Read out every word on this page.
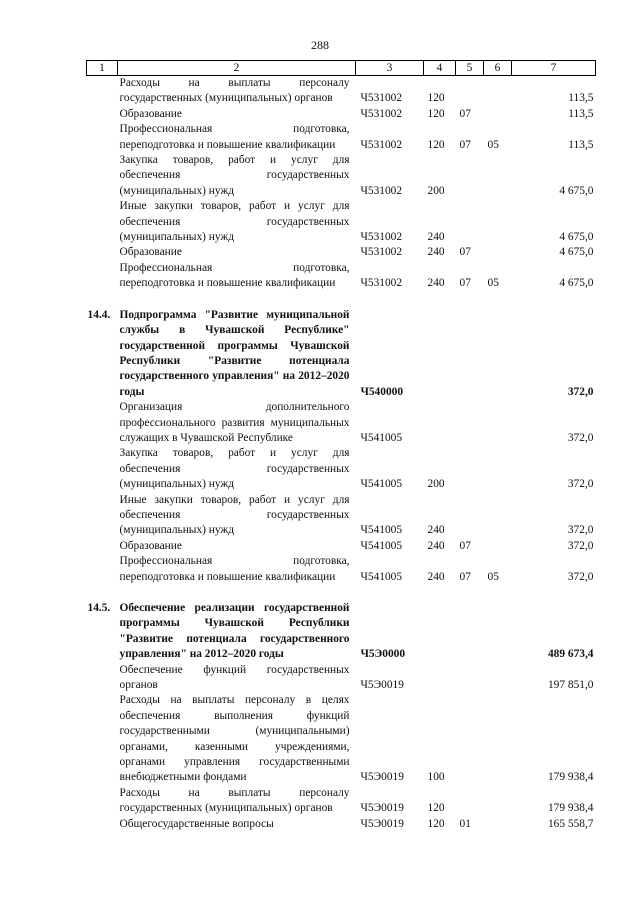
288
1	2	3	4	5	6	7
	Расходы на выплаты персоналу государственных (муниципальных) органов	Ч531002	120			113,5
	Образование	Ч531002	120	07		113,5
	Профессиональная подготовка, переподготовка и повышение квалификации	Ч531002	120	07	05	113,5
	Закупка товаров, работ и услуг для обеспечения государственных (муниципальных) нужд	Ч531002	200			4 675,0
	Иные закупки товаров, работ и услуг для обеспечения государственных (муниципальных) нужд	Ч531002	240			4 675,0
	Образование	Ч531002	240	07		4 675,0
	Профессиональная подготовка, переподготовка и повышение квалификации	Ч531002	240	07	05	4 675,0

14.4.	Подпрограмма "Развитие муниципальной службы в Чувашской Республике" государственной программы Чувашской Республики "Развитие потенциала государственного управления" на 2012–2020 годы	Ч540000				372,0
	Организация дополнительного профессионального развития муниципальных служащих в Чувашской Республике	Ч541005				372,0
	Закупка товаров, работ и услуг для обеспечения государственных (муниципальных) нужд	Ч541005	200			372,0
	Иные закупки товаров, работ и услуг для обеспечения государственных (муниципальных) нужд	Ч541005	240			372,0
	Образование	Ч541005	240	07		372,0
	Профессиональная подготовка, переподготовка и повышение квалификации	Ч541005	240	07	05	372,0

14.5.	Обеспечение реализации государственной программы Чувашской Республики "Развитие потенциала государственного управления" на 2012–2020 годы	Ч5Э0000				489 673,4
	Обеспечение функций государственных органов	Ч5Э0019				197 851,0
	Расходы на выплаты персоналу в целях обеспечения выполнения функций государственными (муниципальными) органами, казенными учреждениями, органами управления государственными внебюджетными фондами	Ч5Э0019	100			179 938,4
	Расходы на выплаты персоналу государственных (муниципальных) органов	Ч5Э0019	120			179 938,4
	Общегосударственные вопросы	Ч5Э0019	120	01		165 558,7
